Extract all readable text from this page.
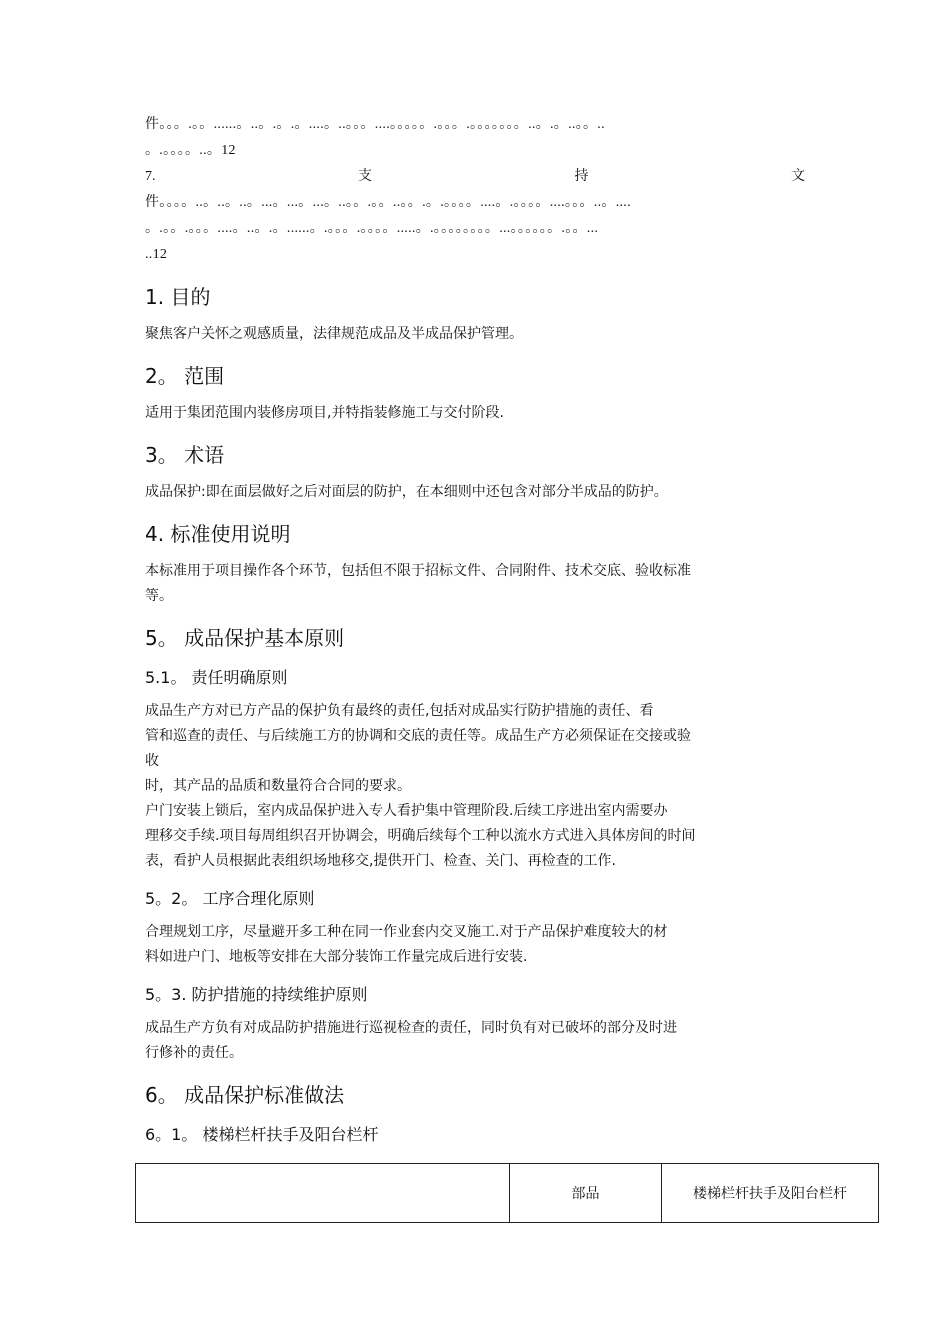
件。。。.。。......。..。.。.。....。..。。。....。。。。。.。。。.。。。。。。。..。.。..。。..
。.。。。。..。12
7.	支	持	文
件。。。。..。..。..。...。...。...。..。。.。。..。。.。.。。。。....。.。。。。....。。。..。....
。.。。.。。。....。..。.。......。.。。。.。。。。.....。.。。。。。。。。...。。。。。。.。。...
..12
1. 目的

聚焦客户关怀之观感质量，法律规范成品及半成品保护管理。

2。 范围

适用于集团范围内装修房项目,并特指装修施工与交付阶段.

3。 术语

成品保护:即在面层做好之后对面层的防护，在本细则中还包含对部分半成品的防护。

4. 标准使用说明

本标准用于项目操作各个环节，包括但不限于招标文件、合同附件、技术交底、验收标准
等。

5。 成品保护基本原则
5.1。 责任明确原则

成品生产方对已方产品的保护负有最终的责任,包括对成品实行防护措施的责任、看
管和巡查的责任、与后续施工方的协调和交底的责任等。成品生产方必须保证在交接或验
收
时，其产品的品质和数量符合合同的要求。
户门安装上锁后，室内成品保护进入专人看护集中管理阶段.后续工序进出室内需要办
理移交手续.项目每周组织召开协调会，明确后续每个工种以流水方式进入具体房间的时间
表，看护人员根据此表组织场地移交,提供开门、检查、关门、再检查的工作.

5。2。 工序合理化原则

合理规划工序，尽量避开多工种在同一作业套内交叉施工.对于产品保护难度较大的材
料如进户门、地板等安排在大部分装饰工作量完成后进行安装.

5。3. 防护措施的持续维护原则

成品生产方负有对成品防护措施进行巡视检查的责任，同时负有对已破坏的部分及时进
行修补的责任。

6。 成品保护标准做法
6。1。 楼梯栏杆扶手及阳台栏杆
	部品	楼梯栏杆扶手及阳台栏杆
